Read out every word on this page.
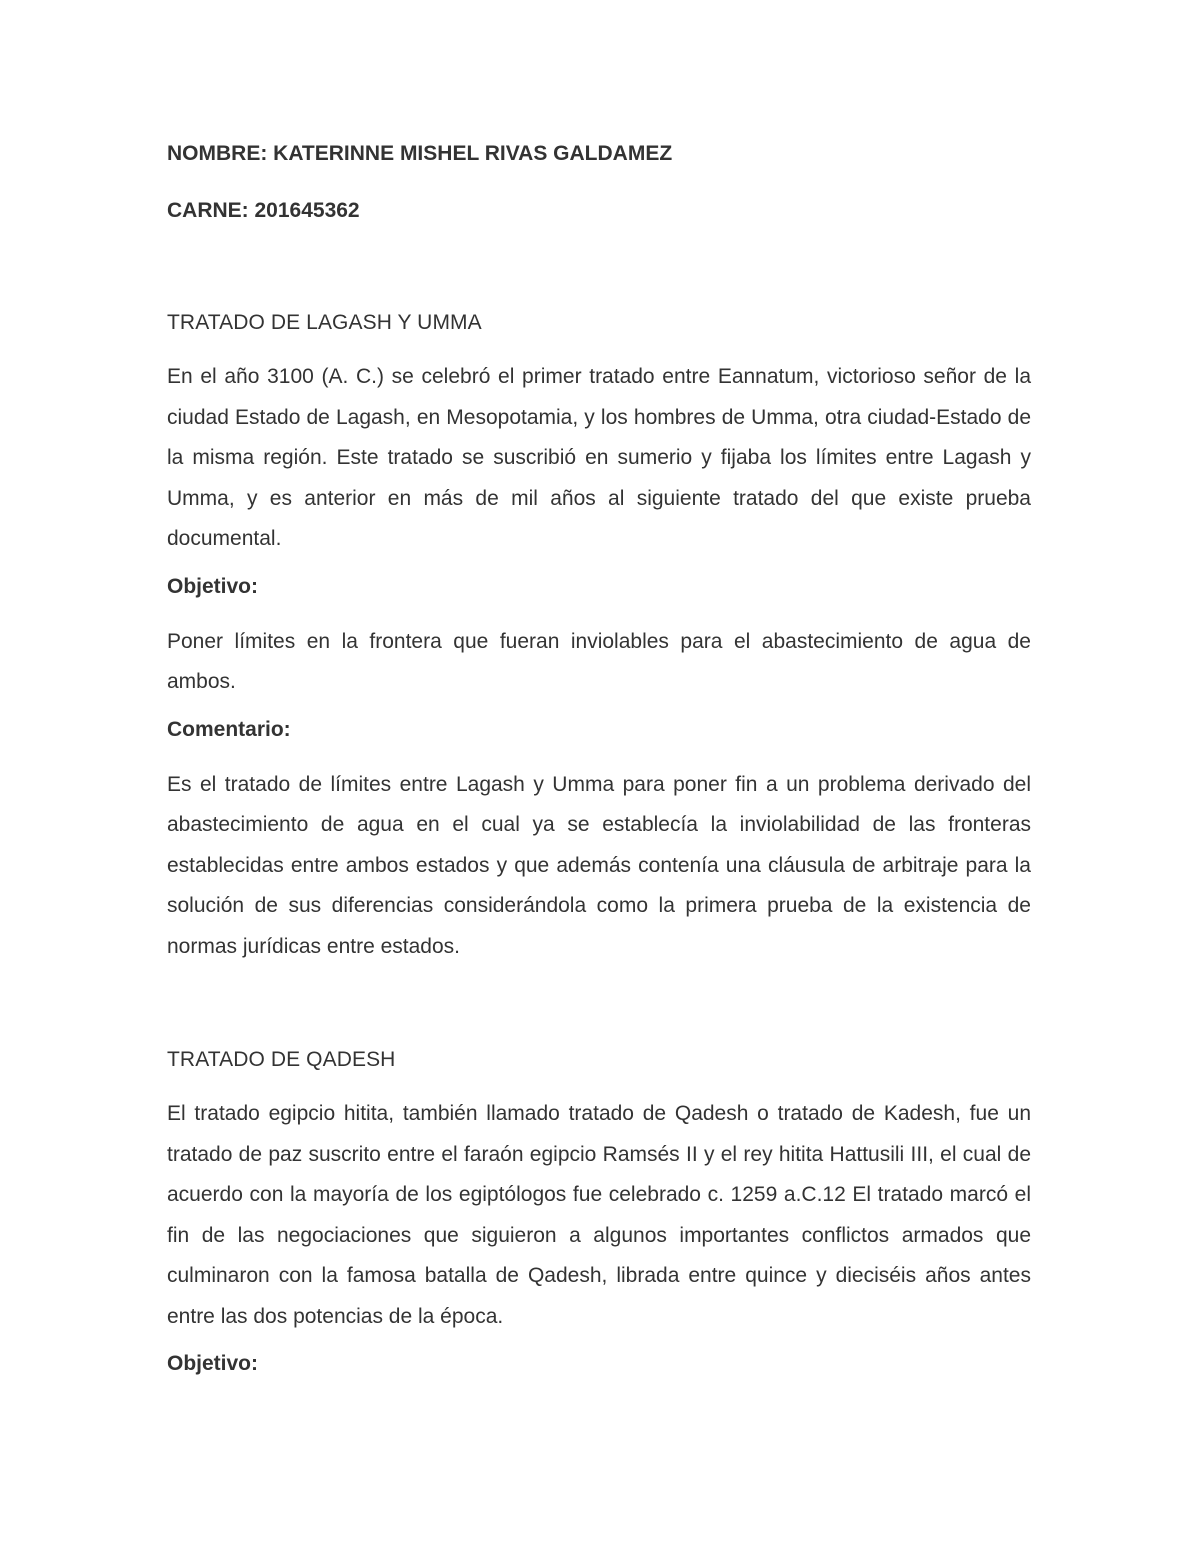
NOMBRE: KATERINNE MISHEL RIVAS GALDAMEZ

CARNE: 201645362

TRATADO DE LAGASH Y UMMA

En el año 3100 (A. C.) se celebró el primer tratado entre Eannatum, victorioso señor de la ciudad Estado de Lagash, en Mesopotamia, y los hombres de Umma, otra ciudad-Estado de la misma región. Este tratado se suscribió en sumerio y fijaba los límites entre Lagash y Umma, y es anterior en más de mil años al siguiente tratado del que existe prueba documental.

Objetivo:

Poner límites en la frontera que fueran inviolables para el abastecimiento de agua de ambos.

Comentario:

Es el tratado de límites entre Lagash y Umma para poner fin a un problema derivado del abastecimiento de agua en el cual ya se establecía la inviolabilidad de las fronteras establecidas entre ambos estados y que además contenía una cláusula de arbitraje para la solución de sus diferencias considerándola como la primera prueba de la existencia de normas jurídicas entre estados.

TRATADO DE QADESH

El tratado egipcio hitita, también llamado tratado de Qadesh o tratado de Kadesh, fue un tratado de paz suscrito entre el faraón egipcio Ramsés II y el rey hitita Hattusili III, el cual de acuerdo con la mayoría de los egiptólogos fue celebrado c. 1259 a.C.12 El tratado marcó el fin de las negociaciones que siguieron a algunos importantes conflictos armados que culminaron con la famosa batalla de Qadesh, librada entre quince y dieciséis años antes entre las dos potencias de la época.

Objetivo:
